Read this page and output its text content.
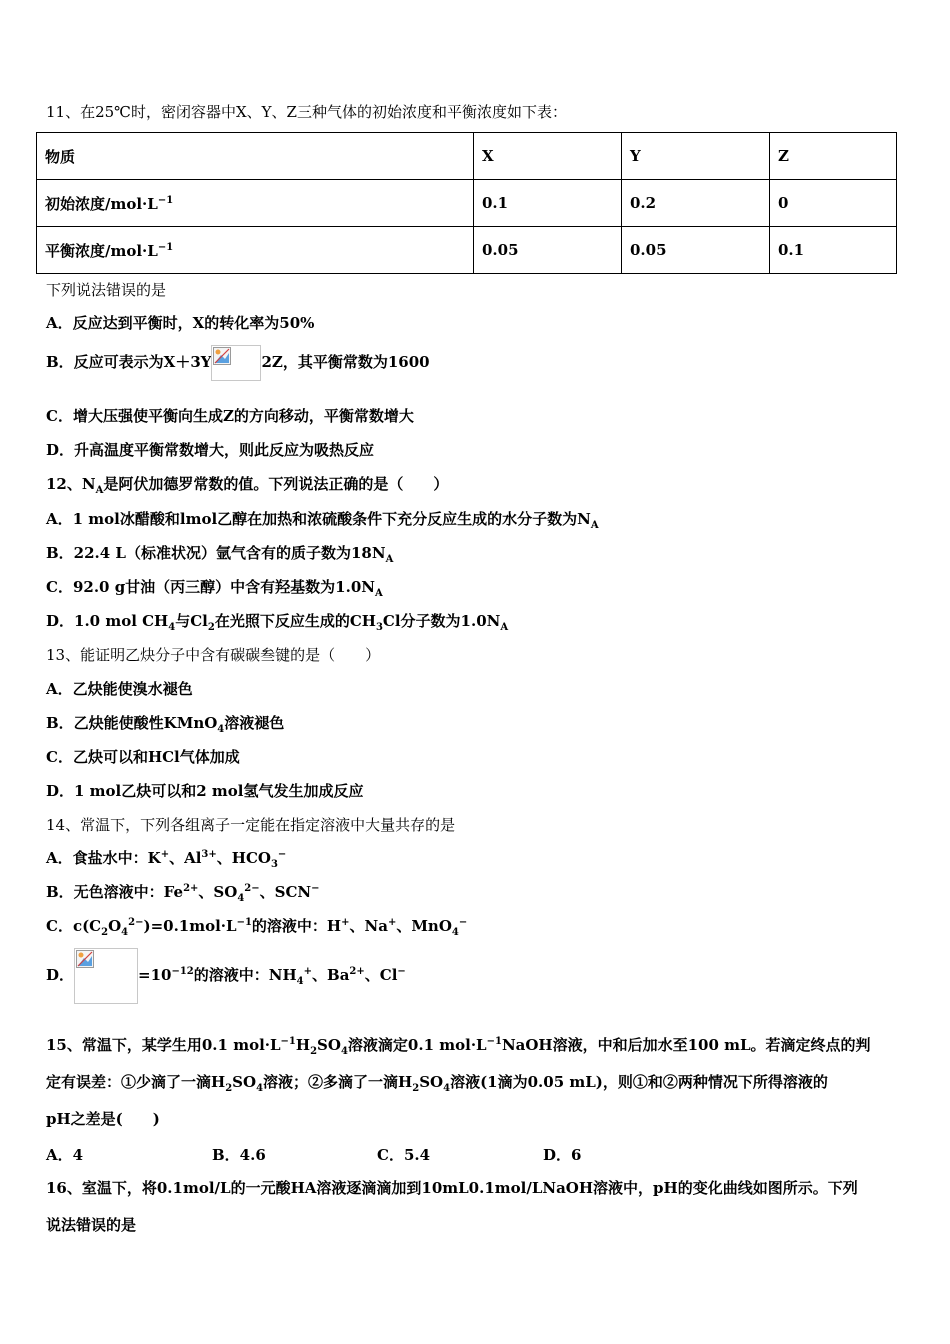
11、在25℃时，密闭容器中X、Y、Z三种气体的初始浓度和平衡浓度如下表：
物质	X	Y	Z
初始浓度$/mol\cdot L^{-1}$	0.1	0.2	0
平衡浓度$/mol\cdot L^{-1}$	0.05	0.05	0.1
下列说法错误的是
A．反应达到平衡时，X的转化率为50%
B．反应可表示为X＋3Y	2Z，其平衡常数为1600
C．增大压强使平衡向生成Z的方向移动，平衡常数增大
D．升高温度平衡常数增大，则此反应为吸热反应
12、$N_A$是阿伏加德罗常数的值。下列说法正确的是（　　）
A．1 mol冰醋酸和lmol乙醇在加热和浓硫酸条件下充分反应生成的水分子数为$N_A$
B．22.4 L（标准状况）氩气含有的质子数为$18N_A$
C．92.0 g甘油（丙三醇）中含有羟基数为$1.0N_A$
D．1.0 mol $CH_4$与$Cl_2$在光照下反应生成的$CH_3Cl$分子数为$1.0N_A$
13、能证明乙炔分子中含有碳碳叁键的是（　　）
A．乙炔能使溴水褪色
B．乙炔能使酸性KMnO$_4$溶液褪色
C．乙炔可以和HCl气体加成
D．1 mol乙炔可以和2 mol氢气发生加成反应
14、常温下，下列各组离子一定能在指定溶液中大量共存的是
A．食盐水中：K+、$Al^{3+}$、$HCO_3^-$
B．无色溶液中：$Fe^{2+}$、$SO_4^{2-}$、SCN−
C．$c(C_2O_4^{2-})=0.1mol\cdot L^{-1}$的溶液中：H+、Na+、MnO$_4$−
D．	$=10^{-12}$的溶液中：$NH_4^+$、$Ba^{2+}$、Cl−
15、常温下，某学生用0.1 $mol\cdot L^{-1}H_2SO_4$溶液滴定0.1 $mol\cdot L^{-1}NaOH$溶液，中和后加水至100 mL。若滴定终点的判
定有误差：①少滴了一滴$H_2SO_4$溶液；②多滴了一滴$H_2SO_4$溶液(1滴为0.05 mL)，则①和②两种情况下所得溶液的
pH之差是(　　)
A．4	B．4.6	C．5.4	D．6
16、室温下，将0.1mol/L的一元酸HA溶液逐滴滴加到10mL0.1mol/LNaOH溶液中，pH的变化曲线如图所示。下列
说法错误的是
